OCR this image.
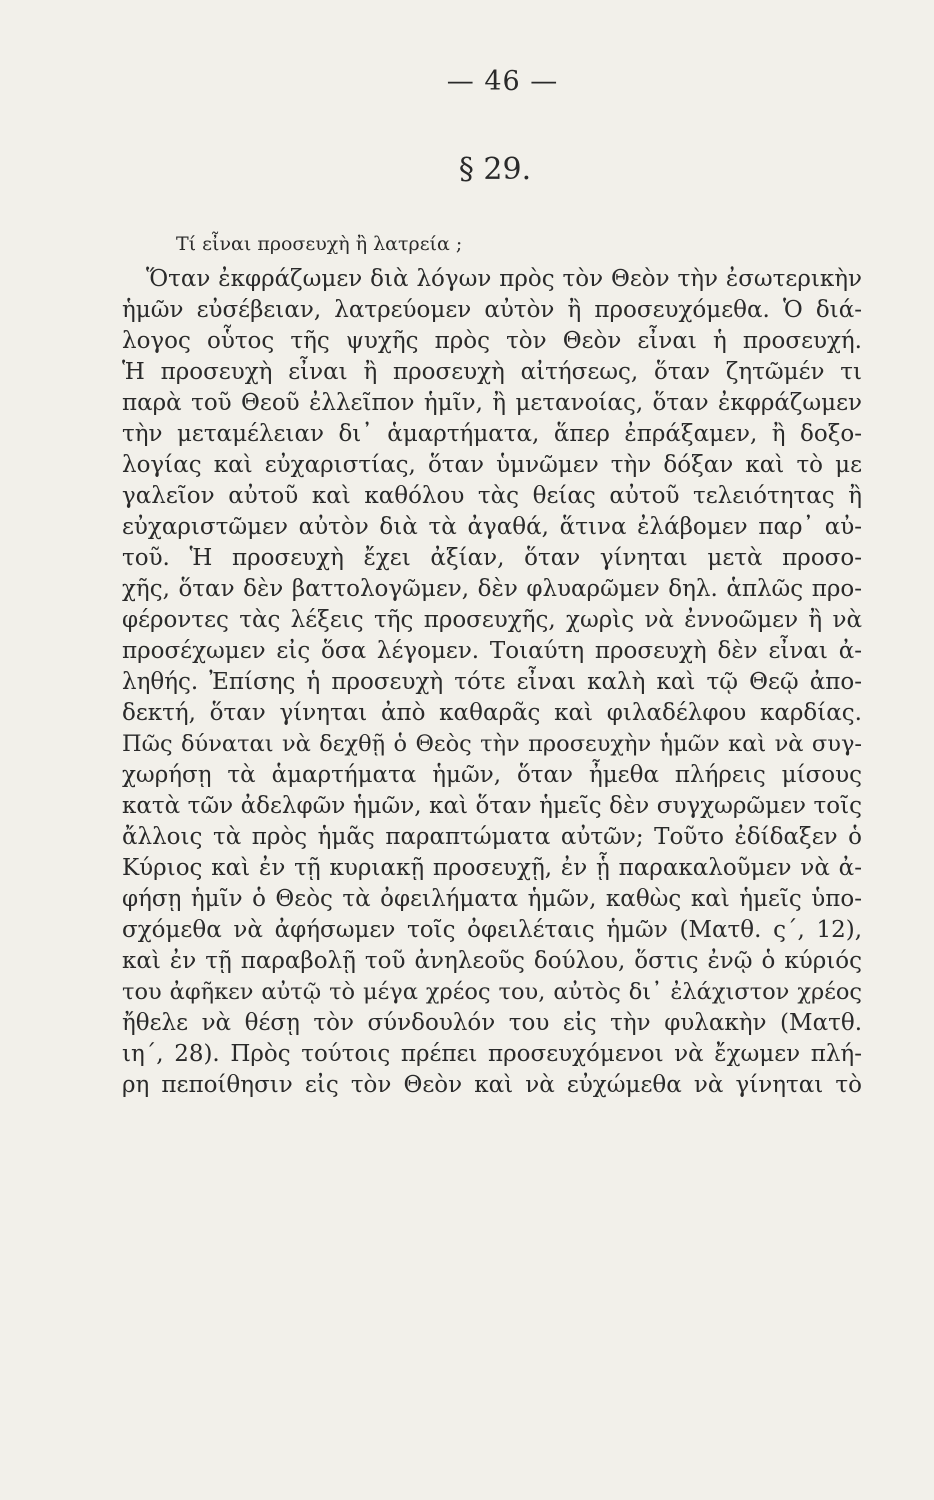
— 46 —
§ 29.
Τί εἶναι προσευχὴ ἢ λατρεία ;
Ὅταν ἐκφράζωμεν διὰ λόγων πρὸς τὸν Θεὸν τὴν ἐσωτερικὴν
ἡμῶν εὐσέβειαν, λατρεύομεν αὐτὸν ἢ προσευχόμεθα. Ὁ διά-
λογος οὗτος τῆς ψυχῆς πρὸς τὸν Θεὸν εἶναι ἡ προσευχή.
Ἡ προσευχὴ εἶναι ἢ προσευχὴ αἰτήσεως, ὅταν ζητῶμέν τι
παρὰ τοῦ Θεοῦ ἐλλεῖπον ἡμῖν, ἢ μετανοίας, ὅταν ἐκφράζωμεν
τὴν μεταμέλειαν δι᾽ ἁμαρτήματα, ἅπερ ἐπράξαμεν, ἢ δοξο-
λογίας καὶ εὐχαριστίας, ὅταν ὑμνῶμεν τὴν δόξαν καὶ τὸ με
γαλεῖον αὐτοῦ καὶ καθόλου τὰς θείας αὐτοῦ τελειότητας ἢ
εὐχαριστῶμεν αὐτὸν διὰ τὰ ἀγαθά, ἅτινα ἐλάβομεν παρ᾽ αὐ-
τοῦ. Ἡ προσευχὴ ἔχει ἀξίαν, ὅταν γίνηται μετὰ προσο-
χῆς, ὅταν δὲν βαττολογῶμεν, δὲν φλυαρῶμεν δηλ. ἁπλῶς προ-
φέροντες τὰς λέξεις τῆς προσευχῆς, χωρὶς νὰ ἐννοῶμεν ἢ νὰ
προσέχωμεν εἰς ὅσα λέγομεν. Τοιαύτη προσευχὴ δὲν εἶναι ἀ-
ληθής. Ἐπίσης ἡ προσευχὴ τότε εἶναι καλὴ καὶ τῷ Θεῷ ἀπο-
δεκτή, ὅταν γίνηται ἀπὸ καθαρᾶς καὶ φιλαδέλφου καρδίας.
Πῶς δύναται νὰ δεχθῇ ὁ Θεὸς τὴν προσευχὴν ἡμῶν καὶ νὰ συγ-
χωρήσῃ τὰ ἁμαρτήματα ἡμῶν, ὅταν ἦμεθα πλήρεις μίσους
κατὰ τῶν ἀδελφῶν ἡμῶν, καὶ ὅταν ἡμεῖς δὲν συγχωρῶμεν τοῖς
ἄλλοις τὰ πρὸς ἡμᾶς παραπτώματα αὐτῶν; Τοῦτο ἐδίδαξεν ὁ
Κύριος καὶ ἐν τῇ κυριακῇ προσευχῇ, ἐν ᾗ παρακαλοῦμεν νὰ ἀ-
φήσῃ ἡμῖν ὁ Θεὸς τὰ ὀφειλήματα ἡμῶν, καθὼς καὶ ἡμεῖς ὑπο-
σχόμεθα νὰ ἀφήσωμεν τοῖς ὀφειλέταις ἡμῶν (Ματθ. ς΄, 12),
καὶ ἐν τῇ παραβολῇ τοῦ ἀνηλεοῦς δούλου, ὅστις ἐνῷ ὁ κύριός
του ἀφῆκεν αὐτῷ τὸ μέγα χρέος του, αὐτὸς δι᾽ ἐλάχιστον χρέος
ἤθελε νὰ θέσῃ τὸν σύνδουλόν του εἰς τὴν φυλακὴν (Ματθ.
ιη΄, 28). Πρὸς τούτοις πρέπει προσευχόμενοι νὰ ἔχωμεν πλή-
ρη πεποίθησιν εἰς τὸν Θεὸν καὶ νὰ εὐχώμεθα νὰ γίνηται τὸ
